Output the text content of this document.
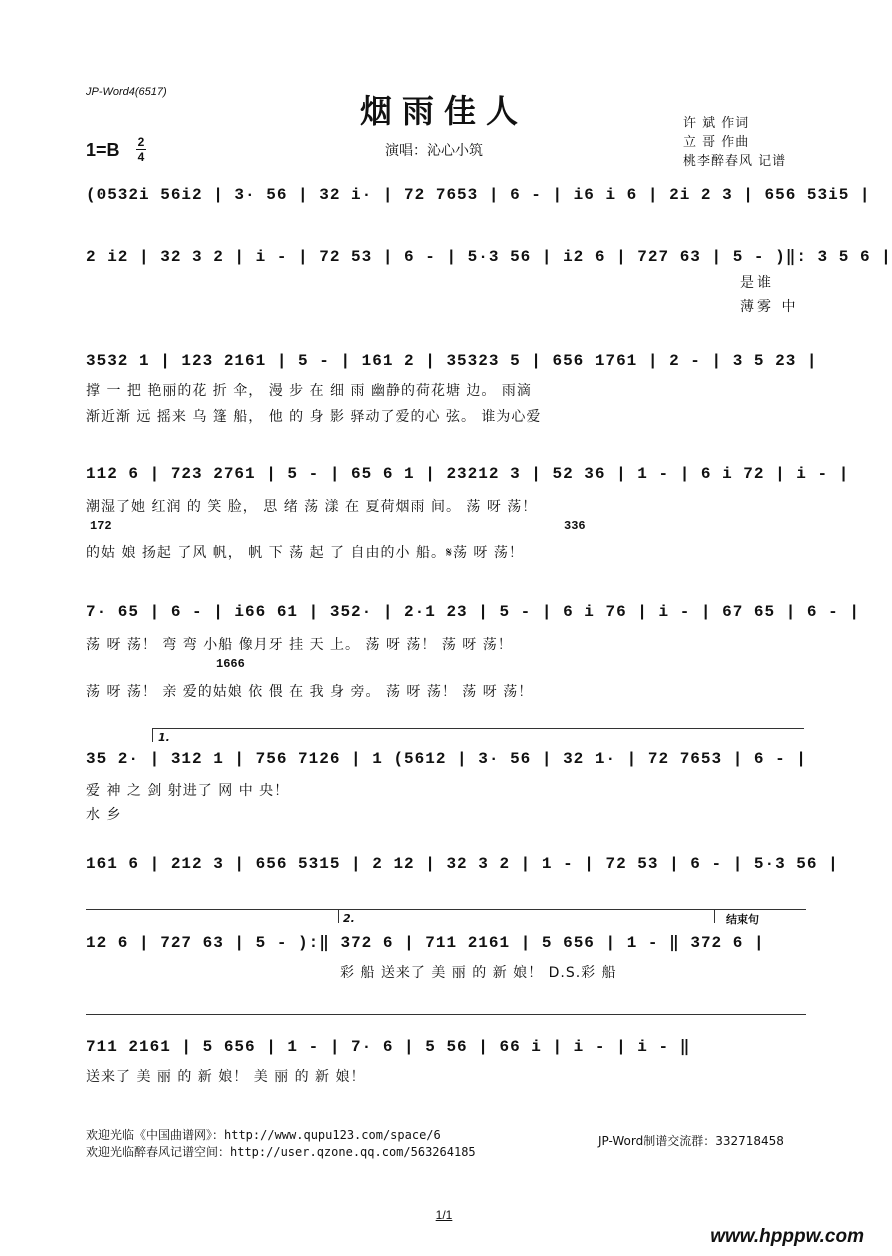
JP-Word4(6517)	烟雨佳人	许 斌 作词
立 哥 作曲
桃李醉春风 记谱
1=B 2
4	演唱：沁心小筑
(0532i 56i2 | 3· 56 | 32 i· | 72 7653 | 6 - | i6 i 6 | 2i 2 3 | 656 53i5 |
2 i2 | 32 3 2 | i - | 72 53 | 6 - | 5·3 56 | i2 6 | 727 63 | 5 - )‖: 3 5 6 |
是谁
薄雾 中
3532 1 | 123 2161 | 5 - | 161 2 | 35323 5 | 656 1761 | 2 - | 3 5 23 |
撑 一 把 艳丽的花 折 伞， 漫 步 在 细 雨 幽静的荷花塘 边。 雨滴
渐近渐 远 摇来 乌 篷 船， 他 的 身 影 驿动了爱的心 弦。 谁为心爱
112 6 | 723 2761 | 5 - | 65 6 1 | 23212 3 | 52 36 | 1 - | 6 i 72 | i - |
潮湿了她 红润 的 笑 脸， 思 绪 荡 漾 在 夏荷烟雨 间。 荡 呀 荡！
172	336
的姑 娘 扬起 了风 帆， 帆 下 荡 起 了 自由的小 船。𝄋荡 呀 荡！
7· 65 | 6 - | i66 61 | 352· | 2·1 23 | 5 - | 6 i 76 | i - | 67 65 | 6 - |
荡 呀 荡！ 弯 弯 小船 像月牙 挂 天 上。 荡 呀 荡！ 荡 呀 荡！
1666
荡 呀 荡！ 亲 爱的姑娘 依 偎 在 我 身 旁。 荡 呀 荡！ 荡 呀 荡！
1.
35 2· | 312 1 | 756 7126 | 1 (5612 | 3· 56 | 32 1· | 72 7653 | 6 - |
爱 神 之 剑 射进了 网 中 央！
水 乡
161 6 | 212 3 | 656 5315 | 2 12 | 32 3 2 | 1 - | 72 53 | 6 - | 5·3 56 |
2.	结束句
12 6 | 727 63 | 5 - ):‖ 372 6 | 711 2161 | 5 656 | 1 - ‖ 372 6 |
彩 船 送来了 美 丽 的 新 娘！ D.S.彩 船
711 2161 | 5 656 | 1 - | 7· 6 | 5 56 | 66 i | i - | i - ‖
送来了 美 丽 的 新 娘！ 美 丽 的 新 娘！
欢迎光临《中国曲谱网》：http://www.qupu123.com/space/6
欢迎光临醉春风记谱空间：http://user.qzone.qq.com/563264185
JP-Word制谱交流群：332718458
1/1
www.hpppw.com
